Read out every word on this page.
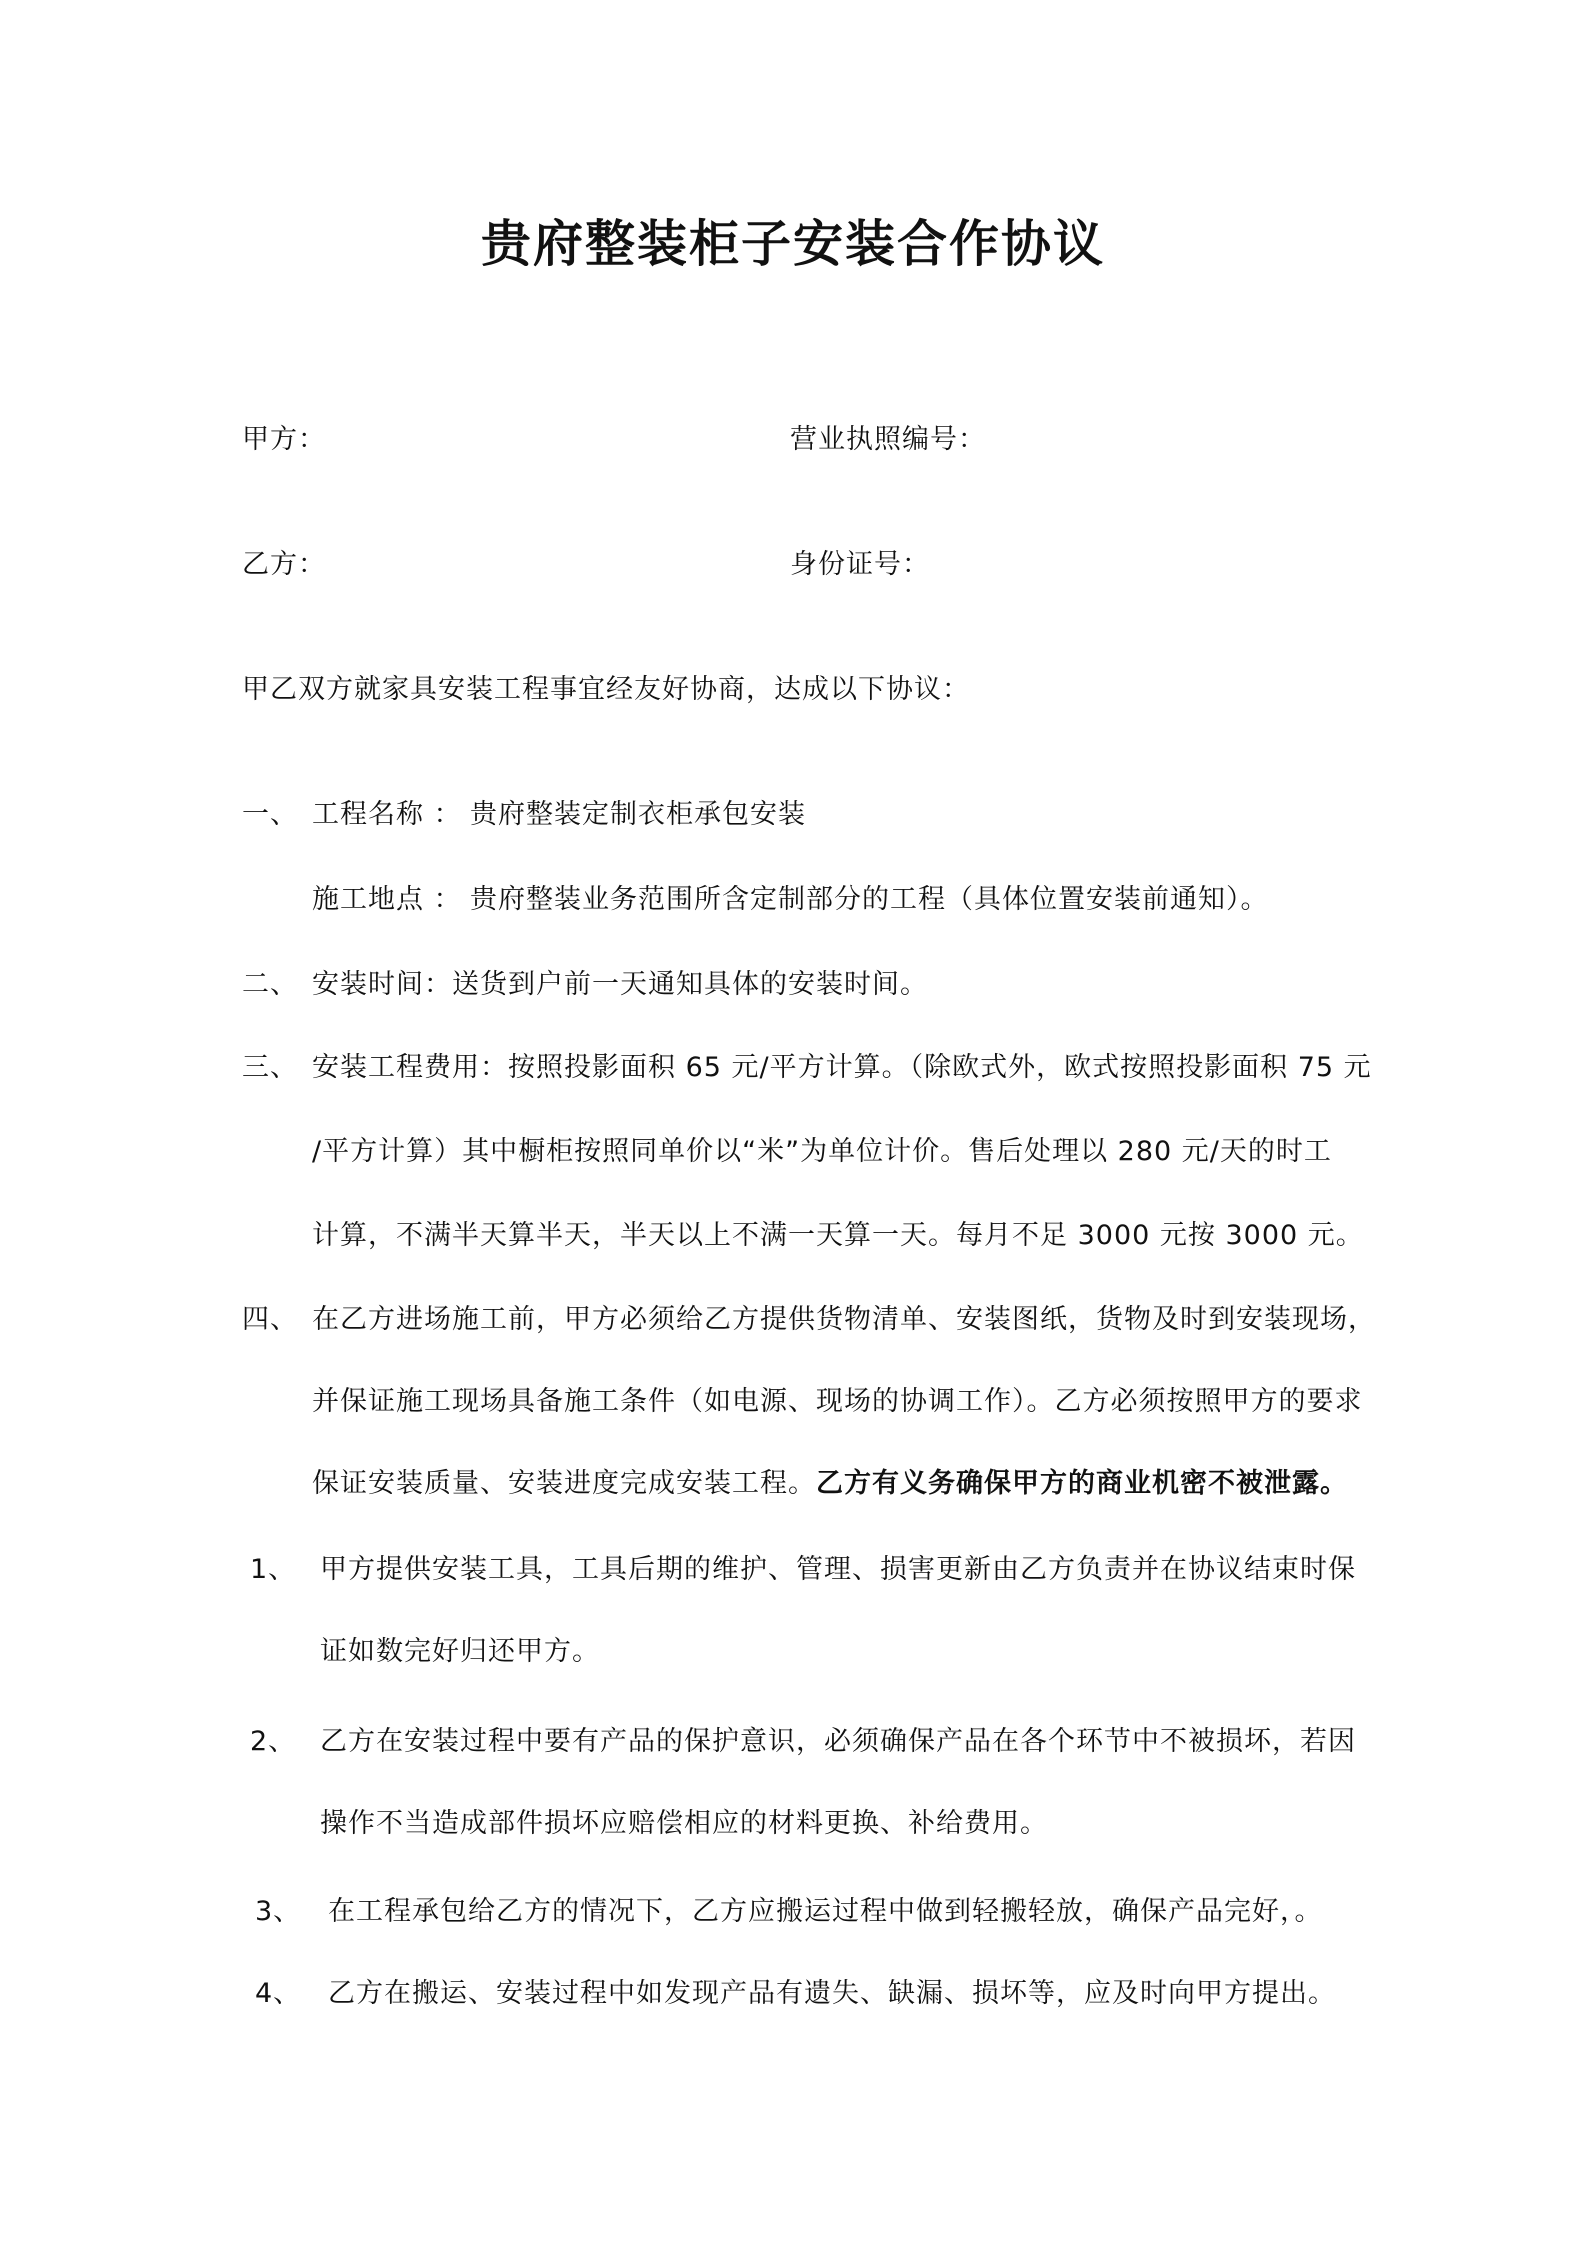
贵府整装柜子安装合作协议
甲方：	营业执照编号：
乙方：	身份证号：
甲乙双方就家具安装工程事宜经友好协商，达成以下协议：
一、 工程名称 ： 贵府整装定制衣柜承包安装
施工地点 ： 贵府整装业务范围所含定制部分的工程（具体位置安装前通知）。
二、 安装时间：送货到户前一天通知具体的安装时间。
三、 安装工程费用：按照投影面积 65 元/平方计算。（除欧式外，欧式按照投影面积 75 元
/平方计算）其中橱柜按照同单价以“米”为单位计价。售后处理以 280 元/天的时工
计算，不满半天算半天，半天以上不满一天算一天。每月不足 3000 元按 3000 元。
四、 在乙方进场施工前，甲方必须给乙方提供货物清单、安装图纸，货物及时到安装现场，
并保证施工现场具备施工条件（如电源、现场的协调工作）。乙方必须按照甲方的要求
保证安装质量、安装进度完成安装工程。乙方有义务确保甲方的商业机密不被泄露。
1、 甲方提供安装工具，工具后期的维护、管理、损害更新由乙方负责并在协议结束时保
证如数完好归还甲方。
2、 乙方在安装过程中要有产品的保护意识，必须确保产品在各个环节中不被损坏，若因
操作不当造成部件损坏应赔偿相应的材料更换、补给费用。
3、 在工程承包给乙方的情况下，乙方应搬运过程中做到轻搬轻放，确保产品完好，。
4、 乙方在搬运、安装过程中如发现产品有遗失、缺漏、损坏等，应及时向甲方提出。
